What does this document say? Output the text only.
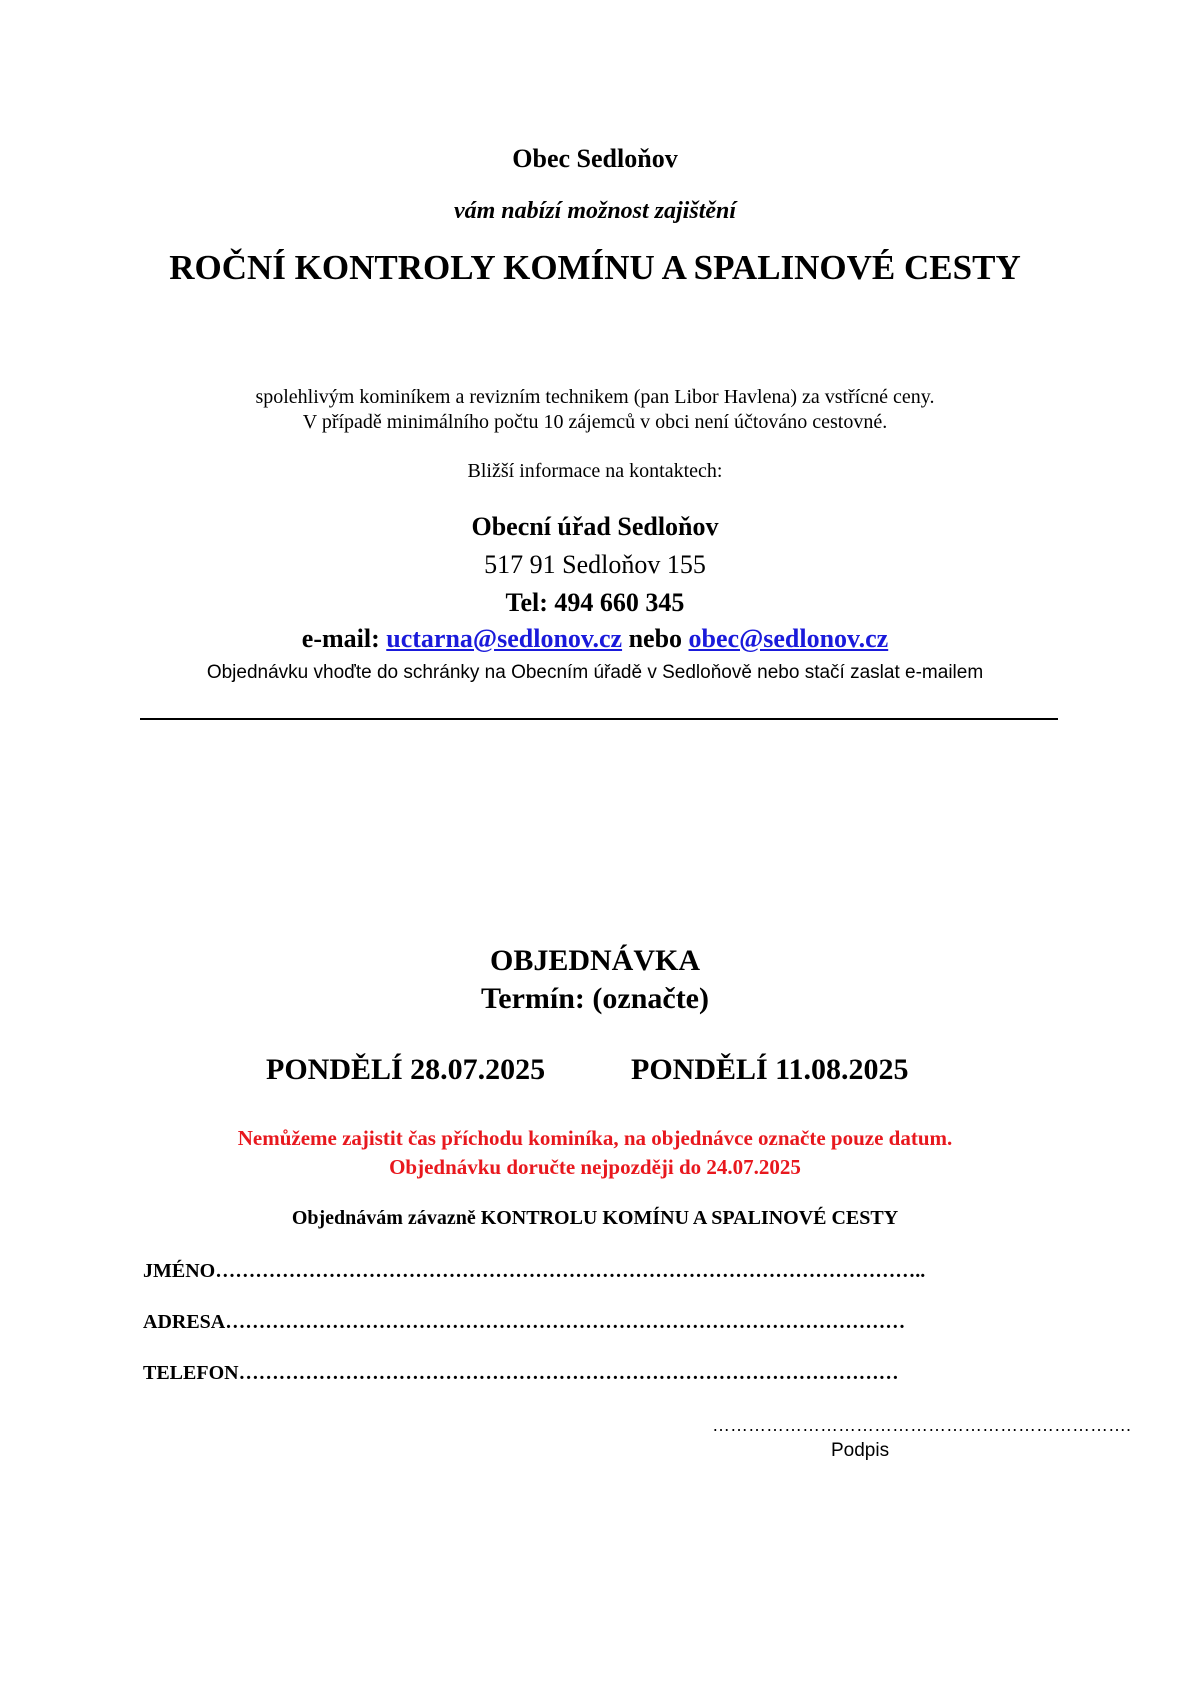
Obec Sedloňov
vám nabízí možnost zajištění
ROČNÍ KONTROLY KOMÍNU A SPALINOVÉ CESTY
spolehlivým kominíkem a revizním technikem (pan Libor Havlena) za vstřícné ceny.
V případě minimálního počtu 10 zájemců v obci není účtováno cestovné.
Bližší informace na kontaktech:
Obecní úřad Sedloňov
517 91 Sedloňov 155
Tel: 494 660 345
e-mail: uctarna@sedlonov.cz nebo obec@sedlonov.cz
Objednávku vhoďte do schránky na Obecním úřadě v Sedloňově nebo stačí zaslat e-mailem
OBJEDNÁVKA
Termín: (označte)
PONDĚLÍ 28.07.2025	PONDĚLÍ 11.08.2025
Nemůžeme zajistit čas příchodu kominíka, na objednávce označte pouze datum.
Objednávku doručte nejpozději do 24.07.2025
Objednávám závazně KONTROLU KOMÍNU A SPALINOVÉ CESTY
JMÉNO……………………………………………………………………………………………..
ADRESA…………………………………………………………………………………………
TELEFON………………………………………………………………………………………
…………………………………………………………….
Podpis
